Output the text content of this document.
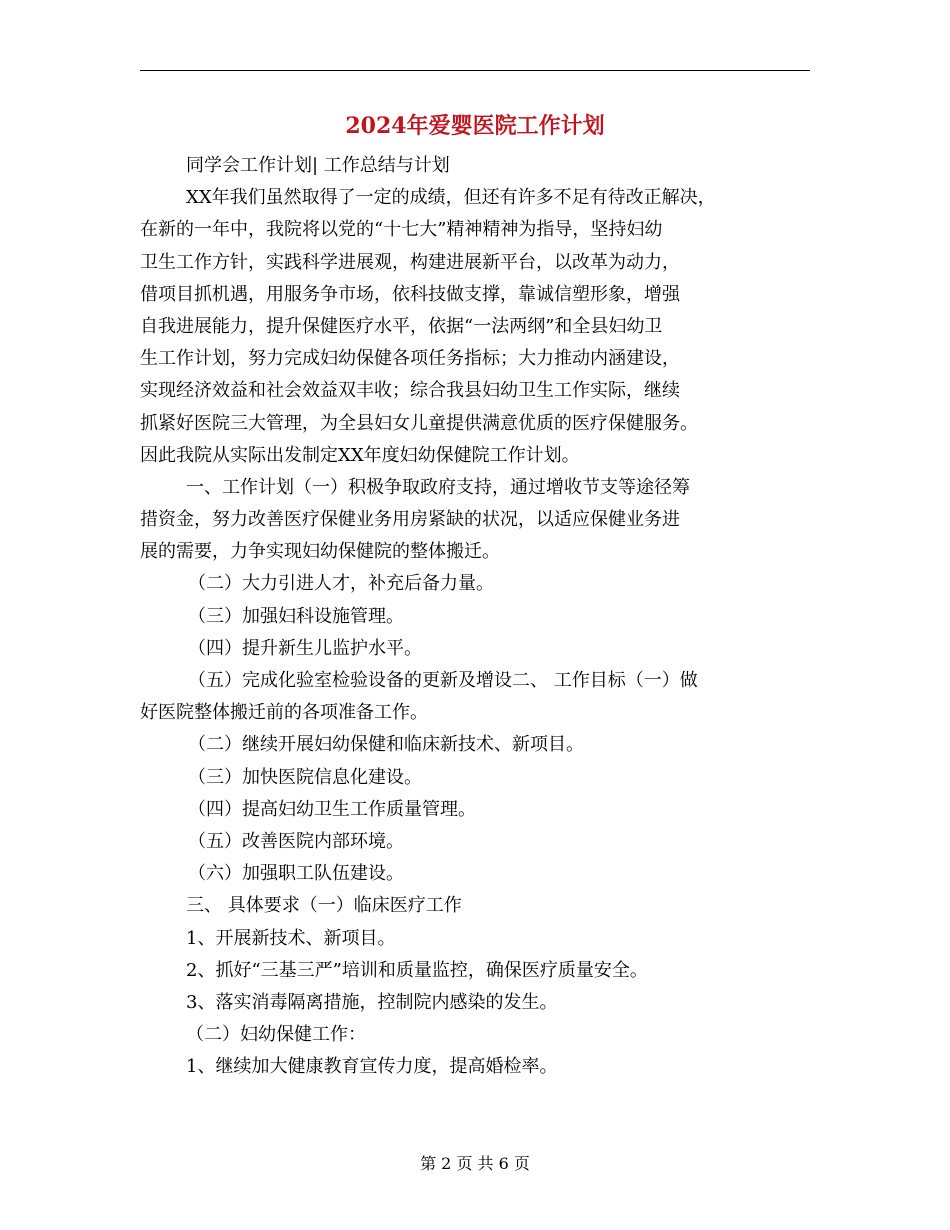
2024年爱婴医院工作计划
同学会工作计划| 工作总结与计划
XX年我们虽然取得了一定的成绩，但还有许多不足有待改正解决，
在新的一年中，我院将以党的“十七大”精神精神为指导，坚持妇幼
卫生工作方针，实践科学进展观，构建进展新平台，以改革为动力，
借项目抓机遇，用服务争市场，依科技做支撑，靠诚信塑形象，增强
自我进展能力，提升保健医疗水平，依据“一法两纲”和全县妇幼卫
生工作计划，努力完成妇幼保健各项任务指标；大力推动内涵建设，
实现经济效益和社会效益双丰收；综合我县妇幼卫生工作实际，继续
抓紧好医院三大管理，为全县妇女儿童提供满意优质的医疗保健服务。
因此我院从实际出发制定XX年度妇幼保健院工作计划。
一、工作计划（一）积极争取政府支持，通过增收节支等途径筹
措资金，努力改善医疗保健业务用房紧缺的状况，以适应保健业务进
展的需要，力争实现妇幼保健院的整体搬迁。
（二）大力引进人才，补充后备力量。
（三）加强妇科设施管理。
（四）提升新生儿监护水平。
（五）完成化验室检验设备的更新及增设二、 工作目标（一）做
好医院整体搬迁前的各项准备工作。
（二）继续开展妇幼保健和临床新技术、新项目。
（三）加快医院信息化建设。
（四）提高妇幼卫生工作质量管理。
（五）改善医院内部环境。
（六）加强职工队伍建设。
三、 具体要求（一）临床医疗工作
1、开展新技术、新项目。
2、抓好“三基三严”培训和质量监控，确保医疗质量安全。
3、落实消毒隔离措施，控制院内感染的发生。
（二）妇幼保健工作：
1、继续加大健康教育宣传力度，提高婚检率。
第 2 页 共 6 页
